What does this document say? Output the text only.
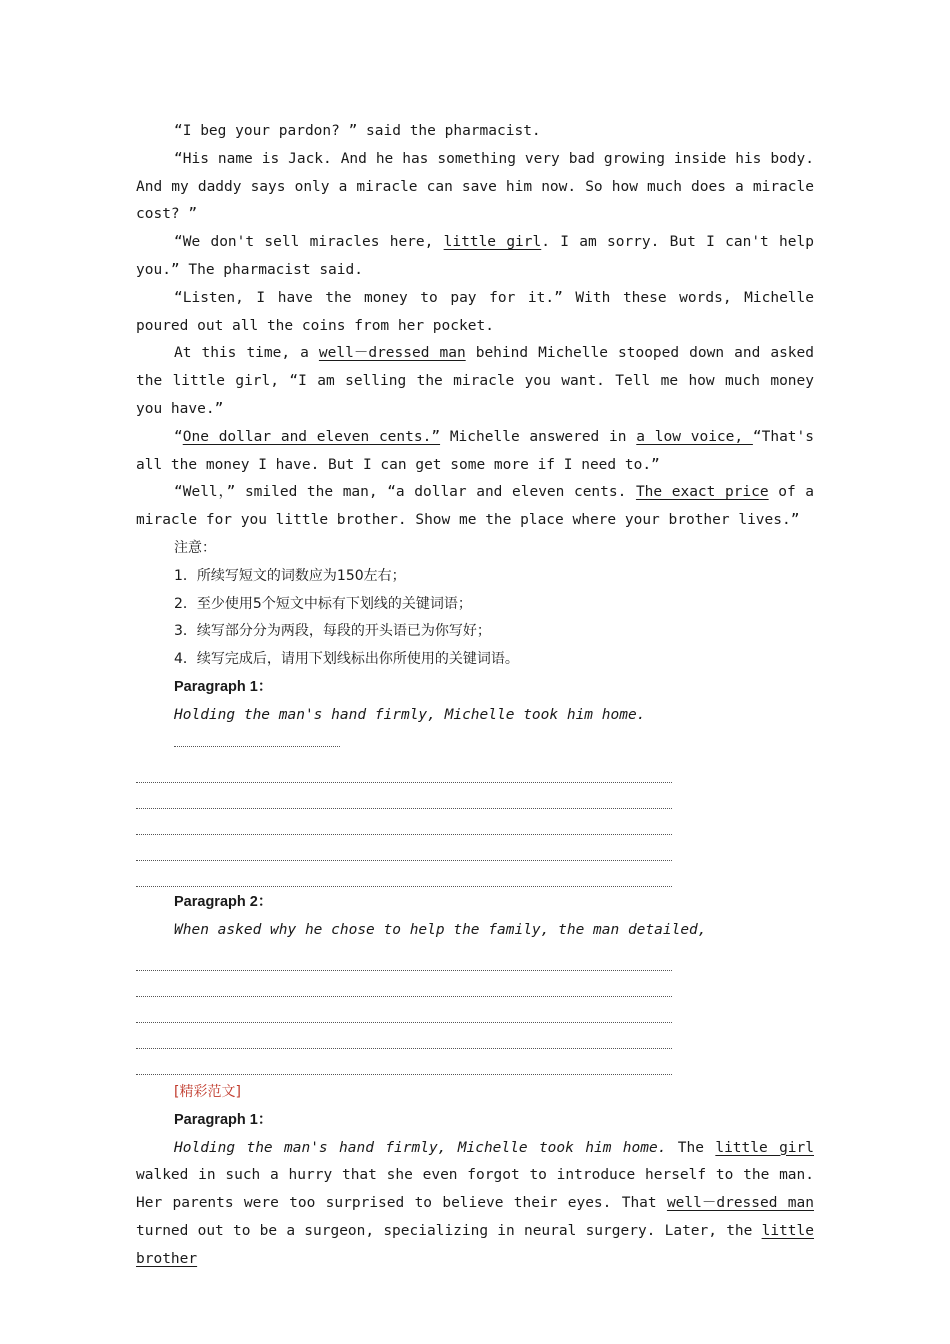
“I beg your pardon? ” said the pharmacist.

“His name is Jack. And he has something very bad growing inside his body. And my daddy says only a miracle can save him now. So how much does a miracle cost? ”

“We don't sell miracles here, little girl. I am sorry. But I can't help you.” The pharmacist said.

“Listen, I have the money to pay for it.” With these words, Michelle poured out all the coins from her pocket.

At this time, a well－dressed man behind Michelle stooped down and asked the little girl, “I am selling the miracle you want. Tell me how much money you have.”

“One dollar and eleven cents.” Michelle answered in a low voice, “That's all the money I have. But I can get some more if I need to.”

“Well，” smiled the man, “a dollar and eleven cents. The exact price of a miracle for you little brother. Show me the place where your brother lives.”

注意：

1．所续写短文的词数应为150左右；

2．至少使用5个短文中标有下划线的关键词语；

3．续写部分分为两段，每段的开头语已为你写好；

4．续写完成后，请用下划线标出你所使用的关键词语。

Paragraph 1：

Holding the man's hand firmly, Michelle took him home.

Paragraph 2：

When asked why he chose to help the family, the man detailed,

[精彩范文]

Paragraph 1：

Holding the man's hand firmly, Michelle took him home. The little girl walked in such a hurry that she even forgot to introduce herself to the man. Her parents were too surprised to believe their eyes. That well－dressed man turned out to be a surgeon, specializing in neural surgery. Later, the little brother
